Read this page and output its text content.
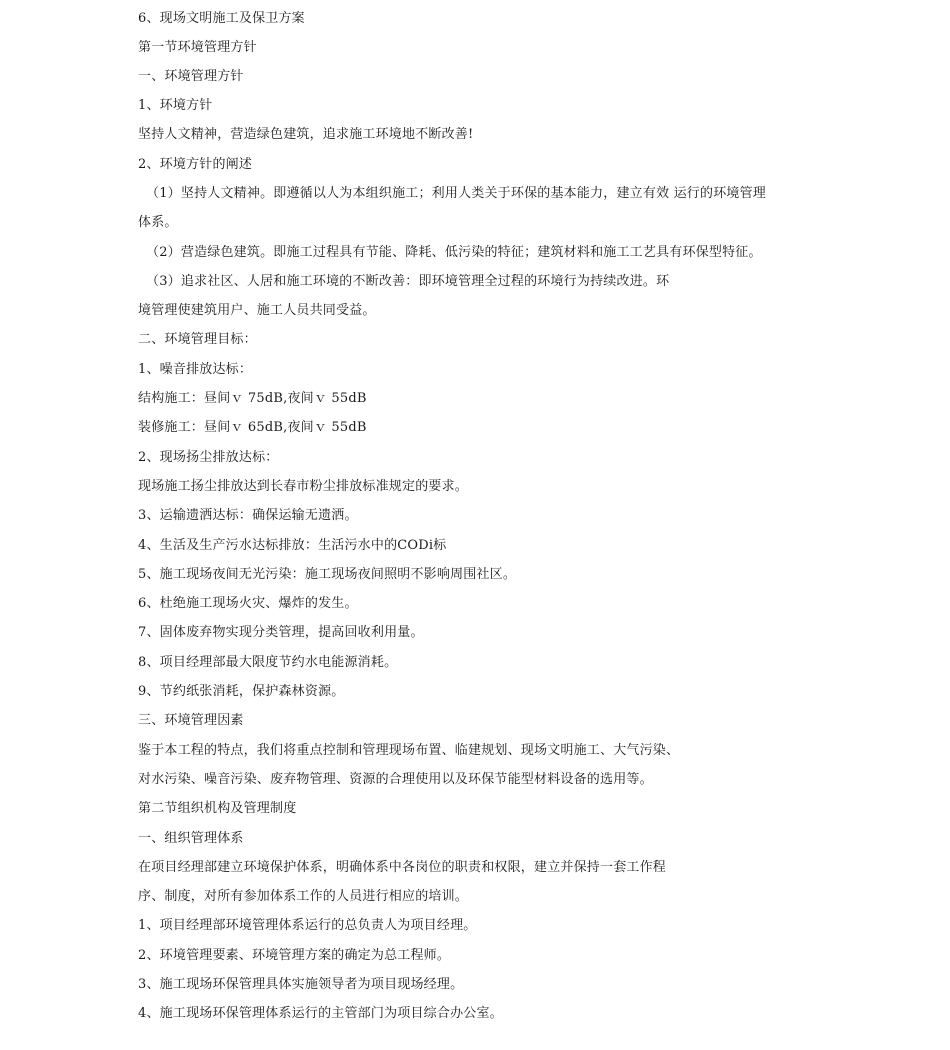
6、现场文明施工及保卫方案
第一节环境管理方针
一、环境管理方针
1、环境方针
坚持人文精神，营造绿色建筑，追求施工环境地不断改善!
2、环境方针的阐述
（1）坚持人文精神。即遵循以人为本组织施工；利用人类关于环保的基本能力，建立有效 运行的环境管理
体系。
（2）营造绿色建筑。即施工过程具有节能、降耗、低污染的特征；建筑材料和施工工艺具有环保型特征。
（3）追求社区、人居和施工环境的不断改善：即环境管理全过程的环境行为持续改进。环
境管理使建筑用户、施工人员共同受益。
二、环境管理目标：
1、噪音排放达标：
结构施工：昼间ｖ 75dB,夜间ｖ 55dB
装修施工：昼间ｖ 65dB,夜间ｖ 55dB
2、现场扬尘排放达标：
现场施工扬尘排放达到长春市粉尘排放标准规定的要求。
3、运输遗洒达标：确保运输无遗洒。
4、生活及生产污水达标排放：生活污水中的CODi标
5、施工现场夜间无光污染：施工现场夜间照明不影响周围社区。
6、杜绝施工现场火灾、爆炸的发生。
7、固体废弃物实现分类管理，提高回收利用量。
8、项目经理部最大限度节约水电能源消耗。
9、节约纸张消耗，保护森林资源。
三、环境管理因素
鉴于本工程的特点，我们将重点控制和管理现场布置、临建规划、现场文明施工、大气污染、
对水污染、噪音污染、废弃物管理、资源的合理使用以及环保节能型材料设备的选用等。
第二节组织机构及管理制度
一、组织管理体系
在项目经理部建立环境保护体系，明确体系中各岗位的职责和权限，建立并保持一套工作程
序、制度，对所有参加体系工作的人员进行相应的培训。
1、项目经理部环境管理体系运行的总负责人为项目经理。
2、环境管理要素、环境管理方案的确定为总工程师。
3、施工现场环保管理具体实施领导者为项目现场经理。
4、施工现场环保管理体系运行的主管部门为项目综合办公室。
